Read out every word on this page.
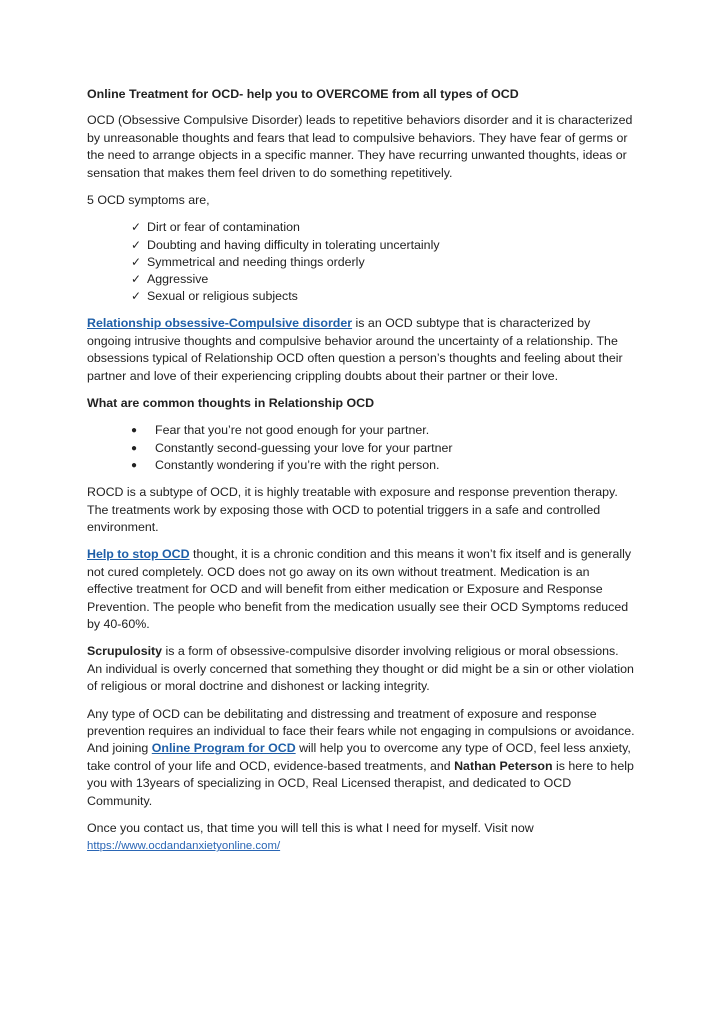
Online Treatment for OCD- help you to OVERCOME from all types of OCD

OCD (Obsessive Compulsive Disorder) leads to repetitive behaviors disorder and it is characterized by unreasonable thoughts and fears that lead to compulsive behaviors. They have fear of germs or the need to arrange objects in a specific manner. They have recurring unwanted thoughts, ideas or sensation that makes them feel driven to do something repetitively.

5 OCD symptoms are,

✓ Dirt or fear of contamination
✓ Doubting and having difficulty in tolerating uncertainly
✓ Symmetrical and needing things orderly
✓ Aggressive
✓ Sexual or religious subjects

Relationship obsessive-Compulsive disorder is an OCD subtype that is characterized by ongoing intrusive thoughts and compulsive behavior around the uncertainty of a relationship. The obsessions typical of Relationship OCD often question a person’s thoughts and feeling about their partner and love of their experiencing crippling doubts about their partner or their love.

What are common thoughts in Relationship OCD

● Fear that you’re not good enough for your partner.
● Constantly second-guessing your love for your partner
● Constantly wondering if you’re with the right person.

ROCD is a subtype of OCD, it is highly treatable with exposure and response prevention therapy. The treatments work by exposing those with OCD to potential triggers in a safe and controlled environment.

Help to stop OCD thought, it is a chronic condition and this means it won’t fix itself and is generally not cured completely. OCD does not go away on its own without treatment. Medication is an effective treatment for OCD and will benefit from either medication or Exposure and Response Prevention. The people who benefit from the medication usually see their OCD Symptoms reduced by 40-60%.

Scrupulosity is a form of obsessive-compulsive disorder involving religious or moral obsessions. An individual is overly concerned that something they thought or did might be a sin or other violation of religious or moral doctrine and dishonest or lacking integrity.

Any type of OCD can be debilitating and distressing and treatment of exposure and response prevention requires an individual to face their fears while not engaging in compulsions or avoidance. And joining Online Program for OCD will help you to overcome any type of OCD, feel less anxiety, take control of your life and OCD, evidence-based treatments, and Nathan Peterson is here to help you with 13years of specializing in OCD, Real Licensed therapist, and dedicated to OCD Community.

Once you contact us, that time you will tell this is what I need for myself. Visit now
https://www.ocdandanxietyonline.com/
